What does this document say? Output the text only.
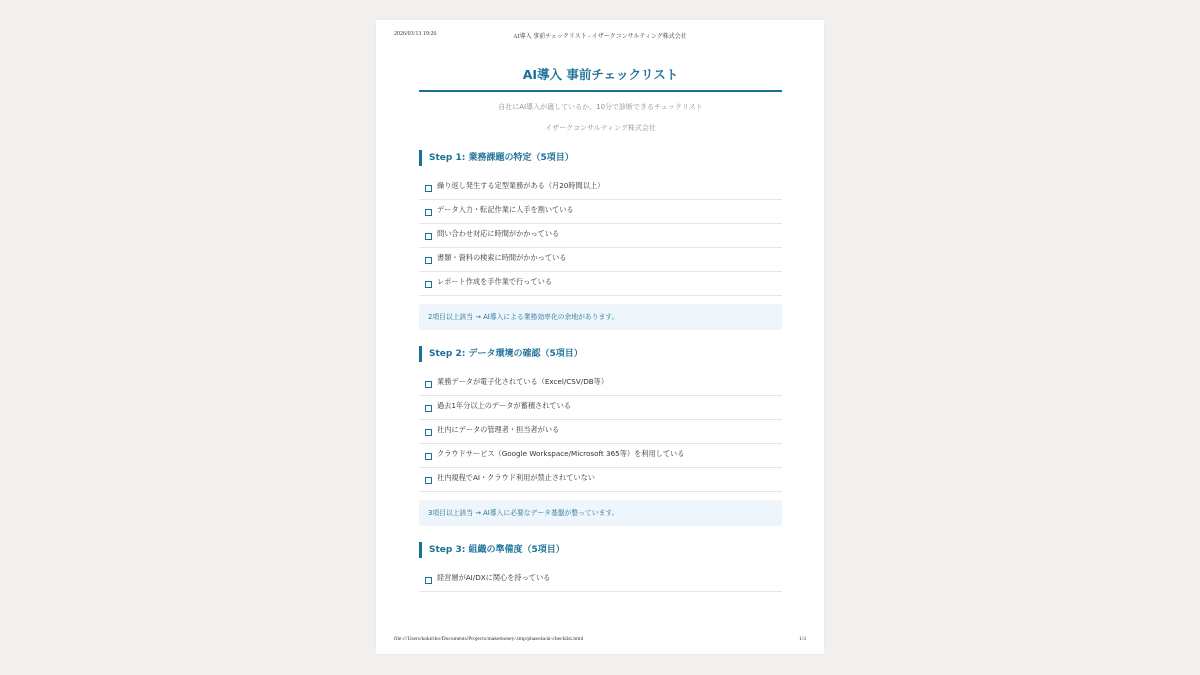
2026/03/13 19:26	AI導入 事前チェックリスト - イザークコンサルティング株式会社
AI導入 事前チェックリスト
自社にAI導入が適しているか、10分で診断できるチェックリスト
イザークコンサルティング株式会社
Step 1: 業務課題の特定（5項目）
繰り返し発生する定型業務がある（月20時間以上）
データ入力・転記作業に人手を割いている
問い合わせ対応に時間がかかっている
書類・資料の検索に時間がかかっている
レポート作成を手作業で行っている
2項目以上該当 → AI導入による業務効率化の余地があります。
Step 2: データ環境の確認（5項目）
業務データが電子化されている（Excel/CSV/DB等）
過去1年分以上のデータが蓄積されている
社内にデータの管理者・担当者がいる
クラウドサービス（Google Workspace/Microsoft 365等）を利用している
社内規程でAI・クラウド利用が禁止されていない
3項目以上該当 → AI導入に必要なデータ基盤が整っています。
Step 3: 組織の準備度（5項目）
経営層がAI/DXに関心を持っている
file:///Users/kokiriho/Documents/Projects/makemoney/.tmp/phase4a/ai-checklist.html	1/3
